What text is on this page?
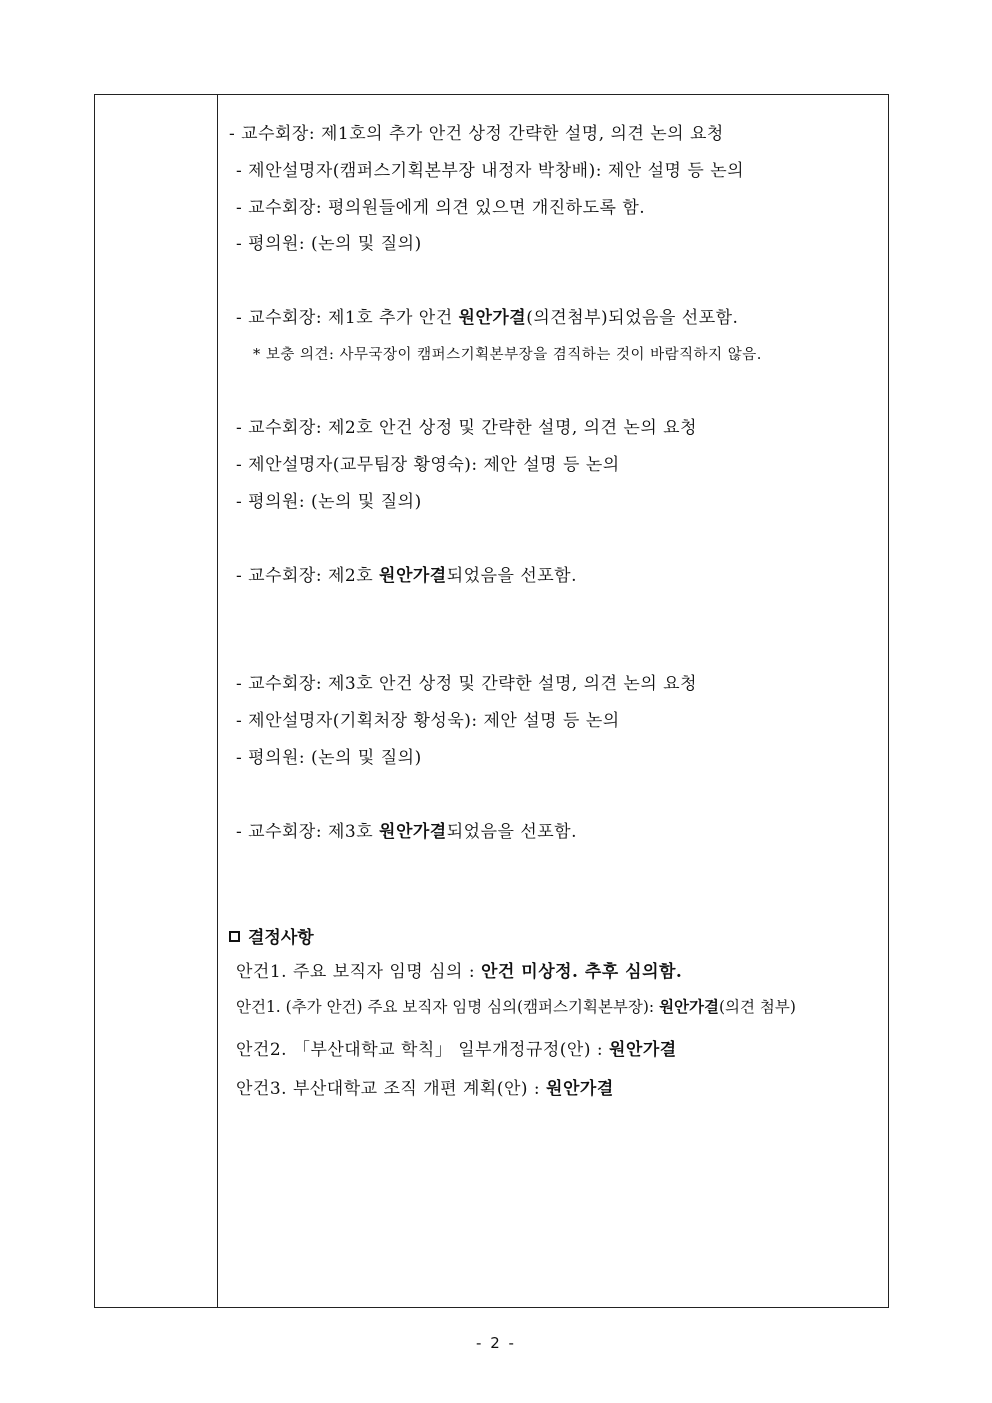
- 교수회장: 제1호의 추가 안건 상정 간략한 설명, 의견 논의 요청
- 제안설명자(캠퍼스기획본부장 내정자 박창배): 제안 설명 등 논의
- 교수회장: 평의원들에게 의견 있으면 개진하도록 함.
- 평의원: (논의 및 질의)
- 교수회장: 제1호 추가 안건 원안가결(의견첨부)되었음을 선포함.
* 보충 의견: 사무국장이 캠퍼스기획본부장을 겸직하는 것이 바람직하지 않음.
- 교수회장: 제2호 안건 상정 및 간략한 설명, 의견 논의 요청
- 제안설명자(교무팀장 황영숙): 제안 설명 등 논의
- 평의원: (논의 및 질의)
- 교수회장: 제2호 원안가결되었음을 선포함.
- 교수회장: 제3호 안건 상정 및 간략한 설명, 의견 논의 요청
- 제안설명자(기획처장 황성욱): 제안 설명 등 논의
- 평의원: (논의 및 질의)
- 교수회장: 제3호 원안가결되었음을 선포함.
결정사항
안건1. 주요 보직자 임명 심의 : 안건 미상정. 추후 심의함.
안건1. (추가 안건) 주요 보직자 임명 심의(캠퍼스기획본부장): 원안가결(의견 첨부)
안건2. 「부산대학교 학칙」 일부개정규정(안) : 원안가결
안건3. 부산대학교 조직 개편 계획(안) : 원안가결
- 2 -
